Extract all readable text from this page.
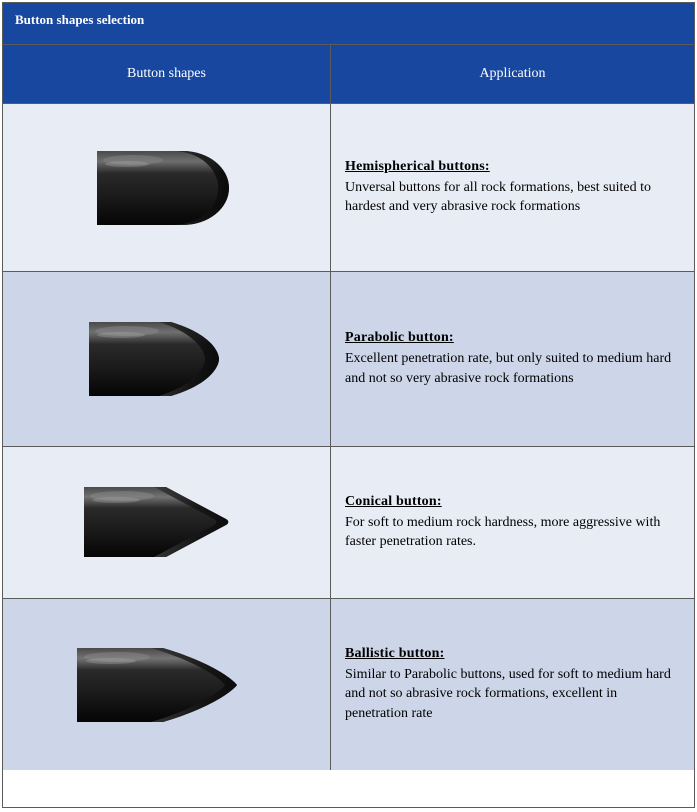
Button shapes selection
Button shapes	Application
Hemispherical buttons:
Unversal buttons for all rock formations, best suited to hardest and very abrasive rock formations
Parabolic button:
Excellent penetration rate, but only suited to medium hard and not so very abrasive rock formations
Conical button:
For soft to medium rock hardness, more aggressive with faster penetration rates.
Ballistic button:
Similar to Parabolic buttons, used for soft to medium hard and not so abrasive rock formations, excellent in penetration rate
